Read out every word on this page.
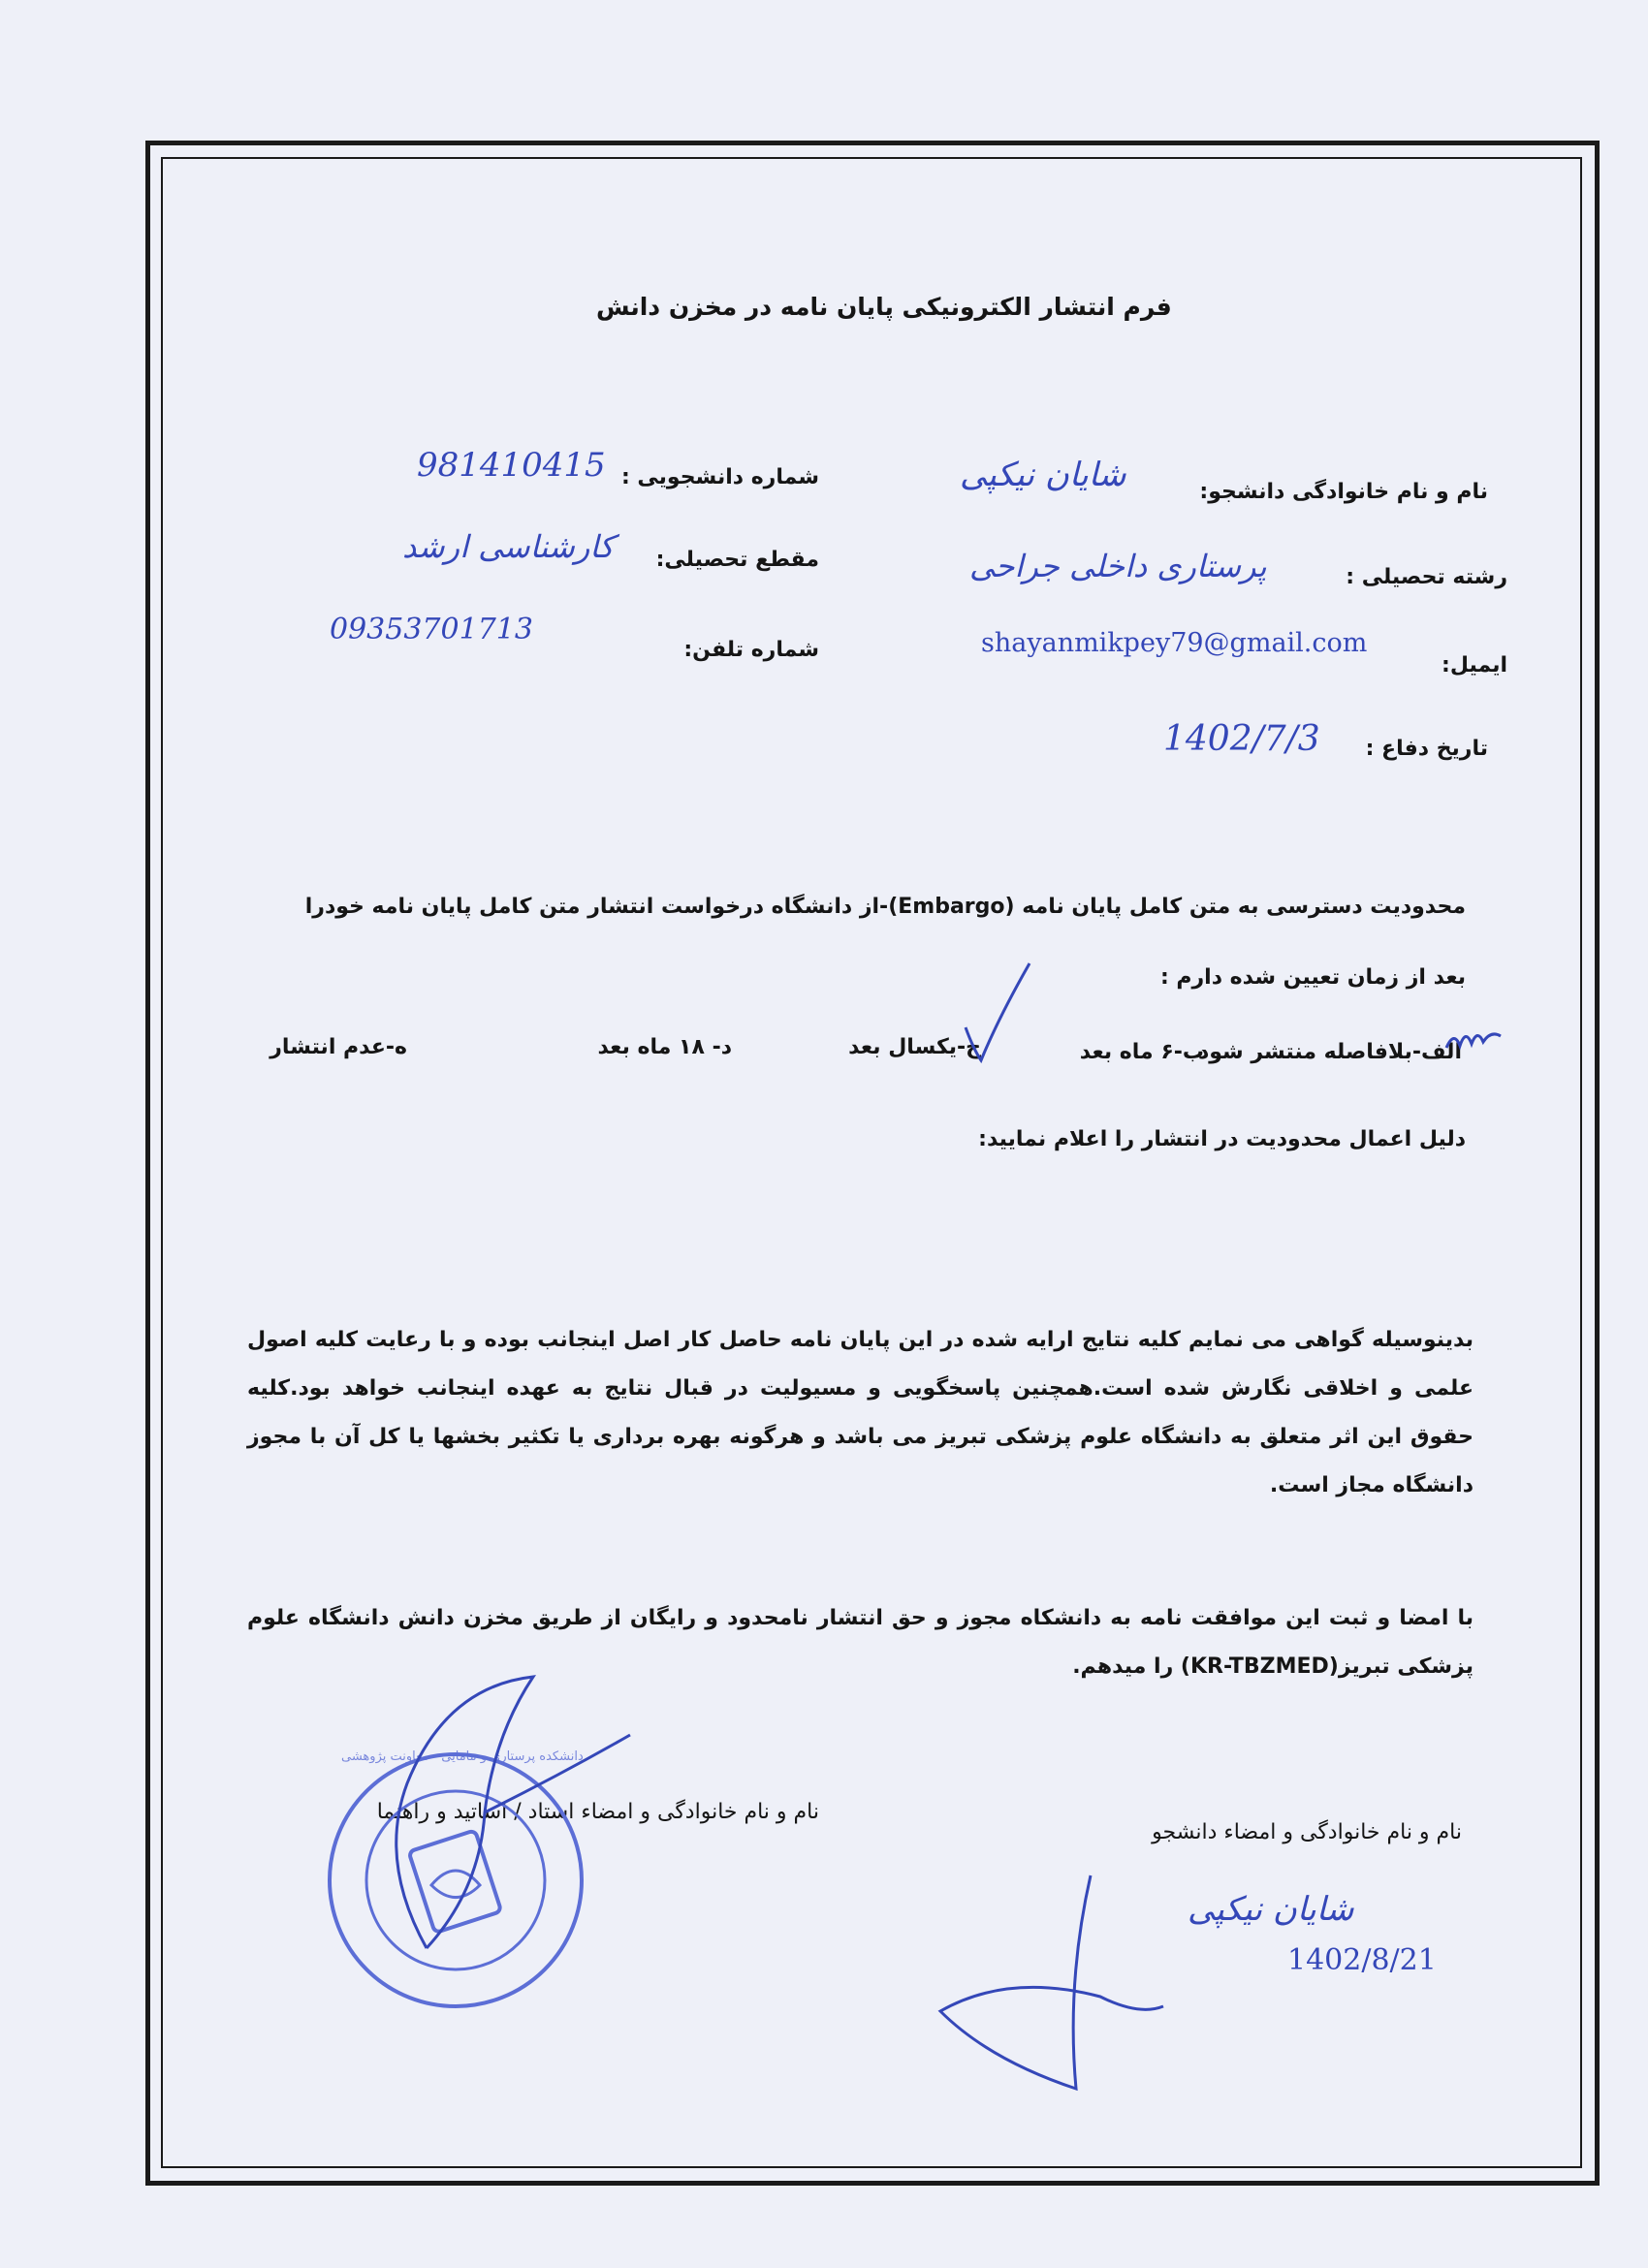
فرم انتشار الکترونیکی پایان نامه در مخزن دانش
نام و نام خانوادگی دانشجو:
شایان نیکپی
شماره دانشجویی :
981410415
رشته تحصیلی :
پرستاری داخلی جراحی
مقطع تحصیلی:
کارشناسی ارشد
ایمیل:
shayanmikpey79@gmail.com
شماره تلفن:
09353701713
تاریخ دفاع :
1402/7/3
محدودیت دسترسی به متن کامل پایان نامه (Embargo)-از دانشگاه درخواست انتشار متن کامل پایان نامه خودرا
بعد از زمان تعیین شده دارم :
الف-بلافاصله منتشر شود
ب-۶ ماه بعد
ج-یکسال بعد
د- ۱۸ ماه بعد
ه-عدم انتشار
دلیل اعمال محدودیت در انتشار را اعلام نمایید:
بدینوسیله گواهی می نمایم کلیه نتایج ارایه شده در این پایان نامه حاصل کار اصل اینجانب بوده و با رعایت کلیه اصول علمی و اخلاقی نگارش شده است.همچنین پاسخگویی و مسیولیت در قبال نتایج به عهده اینجانب خواهد بود.کلیه حقوق این اثر متعلق به دانشگاه علوم پزشکی تبریز می باشد و هرگونه بهره برداری یا تکثیر بخشها یا کل آن با مجوز دانشگاه مجاز است.
با امضا و ثبت این موافقت نامه به دانشکاه مجوز و حق انتشار نامحدود و رایگان از طریق مخزن دانش دانشگاه علوم پزشکی تبریز(KR-TBZMED) را میدهم.
نام و نام خانوادگی و امضاء دانشجو
نام و نام خانوادگی و امضاء استاد / اساتید و راهنما
شایان نیکپی
1402/8/21
دانشکده پرستاری و مامایی - معاونت پژوهشی
